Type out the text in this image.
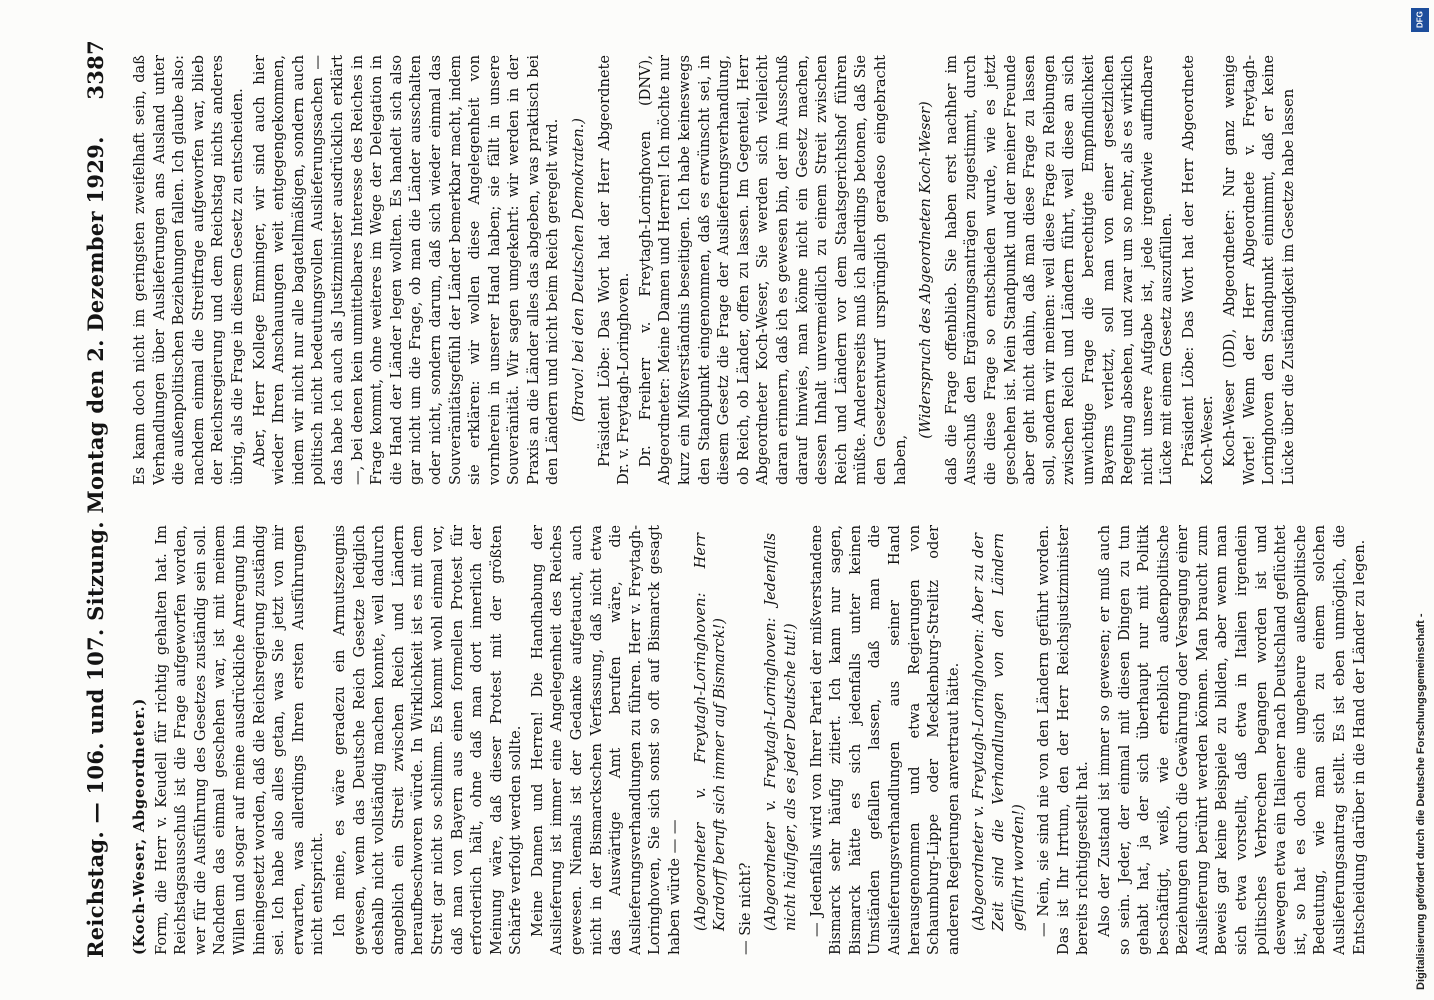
Reichstag. — 106. und 107. Sitzung. Montag den 2. Dezember 1929.
3387

(Koch-Weser, Abgeordneter.) Form, die Herr v. Keudell für richtig gehalten hat. Im Reichstagsausschuß ist die Frage aufgeworfen worden, wer für die Ausführung des Gesetzes zuständig sein soll. Nachdem das einmal geschehen war, ist mit meinem Willen und sogar auf meine ausdrückliche Anregung hin hineingesetzt worden, daß die Reichsregierung zuständig sei. Ich habe also alles getan, was Sie jetzt von mir erwarten, was allerdings Ihren ersten Ausführungen nicht entspricht. Ich meine, es wäre geradezu ein Armutszeugnis gewesen, wenn das Deutsche Reich Gesetze lediglich deshalb nicht vollständig machen konnte, weil dadurch angeblich ein Streit zwischen Reich und Ländern heraufbeschworen würde. In Wirklichkeit ist es mit dem Streit gar nicht so schlimm. Es kommt wohl einmal vor, daß man von Bayern aus einen formellen Protest für erforderlich hält, ohne daß man dort innerlich der Meinung wäre, daß dieser Protest mit der größten Schärfe verfolgt werden sollte. Meine Damen und Herren! Die Handhabung der Auslieferung ist immer eine Angelegenheit des Reiches gewesen. Niemals ist der Gedanke aufgetaucht, auch nicht in der Bismarckschen Verfassung, daß nicht etwa das Auswärtige Amt berufen wäre, die Auslieferungsverhandlungen zu führen. Herr v. Freytagh-Loringhoven, Sie sich sonst so oft auf Bismarck gesagt haben würde — — (Abgeordneter v. Freytagh-Loringhoven: Herr Kardorff beruft sich immer auf Bismarck!) — Sie nicht? (Abgeordneter v. Freytagh-Loringhoven: Jedenfalls nicht häufiger, als es jeder Deutsche tut!) — Jedenfalls wird von Ihrer Partei der mißverstandene Bismarck sehr häufig zitiert. Ich kann nur sagen, Bismarck hätte es sich jedenfalls unter keinen Umständen gefallen lassen, daß man die Auslieferungsverhandlungen aus seiner Hand herausgenommen und etwa Regierungen von Schaumburg-Lippe oder Mecklenburg-Strelitz oder anderen Regierungen anvertraut hätte. (Abgeordneter v. Freytagh-Loringhoven: Aber zu der Zeit sind die Verhandlungen von den Ländern geführt worden!) — Nein, sie sind nie von den Ländern geführt worden. Das ist Ihr Irrtum, den der Herr Reichsjustizminister bereits richtiggestellt hat. Also der Zustand ist immer so gewesen; er muß auch so sein. Jeder, der einmal mit diesen Dingen zu tun gehabt hat, ja der sich überhaupt nur mit Politik beschäftigt, weiß, wie erheblich außenpolitische Beziehungen durch die Gewährung oder Versagung einer Auslieferung berührt werden können. Man braucht zum Beweis gar keine Beispiele zu bilden, aber wenn man sich etwa vorstellt, daß etwa in Italien irgendein politisches Verbrechen begangen worden ist und deswegen etwa ein Italiener nach Deutschland geflüchtet ist, so hat es doch eine ungeheure außenpolitische Bedeutung, wie man sich zu einem solchen Auslieferungsantrag stellt. Es ist eben unmöglich, die Entscheidung darüber in die Hand der Länder zu legen.

Es kann doch nicht im geringsten zweifelhaft sein, daß Verhandlungen über Auslieferungen ans Ausland unter die außenpolitischen Beziehungen fallen. Ich glaube also: nachdem einmal die Streitfrage aufgeworfen war, blieb der Reichsregierung und dem Reichstag nichts anderes übrig, als die Frage in diesem Gesetz zu entscheiden. Aber, Herr Kollege Emminger, wir sind auch hier wieder Ihren Anschauungen weit entgegengekommen, indem wir nicht nur alle bagatellmäßigen, sondern auch politisch nicht bedeutungsvollen Auslieferungssachen — das habe ich auch als Justizminister ausdrücklich erklärt —, bei denen kein unmittelbares Interesse des Reiches in Frage kommt, ohne weiteres im Wege der Delegation in die Hand der Länder legen wollten. Es handelt sich also gar nicht um die Frage, ob man die Länder ausschalten oder nicht, sondern darum, daß sich wieder einmal das Souveränitätsgefühl der Länder bemerkbar macht, indem sie erklären: wir wollen diese Angelegenheit von vornherein in unserer Hand haben; sie fällt in unsere Souveränität. Wir sagen umgekehrt: wir werden in der Praxis an die Länder alles das abgeben, was praktisch bei den Ländern und nicht beim Reich geregelt wird. (Bravo! bei den Deutschen Demokraten.) Präsident Löbe: Das Wort hat der Herr Abgeordnete Dr. v. Freytagh-Loringhoven. Dr. Freiherr v. Freytagh-Loringhoven (DNV), Abgeordneter: Meine Damen und Herren! Ich möchte nur kurz ein Mißverständnis beseitigen. Ich habe keineswegs den Standpunkt eingenommen, daß es erwünscht sei, in diesem Gesetz die Frage der Auslieferungsverhandlung, ob Reich, ob Länder, offen zu lassen. Im Gegenteil, Herr Abgeordneter Koch-Weser, Sie werden sich vielleicht daran erinnern, daß ich es gewesen bin, der im Ausschuß darauf hinwies, man könne nicht ein Gesetz machen, dessen Inhalt unvermeidlich zu einem Streit zwischen Reich und Ländern vor dem Staatsgerichtshof führen müßte. Andererseits muß ich allerdings betonen, daß Sie den Gesetzentwurf ursprünglich geradeso eingebracht haben,

(Widerspruch des Abgeordneten Koch-Weser) daß die Frage offenblieb. Sie haben erst nachher im Ausschuß den Ergänzungsanträgen zugestimmt, durch die diese Frage so entschieden wurde, wie es jetzt geschehen ist. Mein Standpunkt und der meiner Freunde aber geht nicht dahin, daß man diese Frage zu lassen soll, sondern wir meinen: weil diese Frage zu Reibungen zwischen Reich und Ländern führt, weil diese an sich unwichtige Frage die berechtigte Empfindlichkeit Bayerns verletzt, soll man von einer gesetzlichen Regelung absehen, und zwar um so mehr, als es wirklich nicht unsere Aufgabe ist, jede irgendwie auffindbare Lücke mit einem Gesetz auszufüllen. Präsident Löbe: Das Wort hat der Herr Abgeordnete Koch-Weser. Koch-Weser (DD), Abgeordneter: Nur ganz wenige Worte! Wenn der Herr Abgeordnete v. Freytagh-Loringhoven den Standpunkt einnimmt, daß er keine Lücke über die Zuständigkeit im Gesetze habe lassen

DFG
Digitalisierung gefördert durch die Deutsche Forschungsgemeinschaft -
